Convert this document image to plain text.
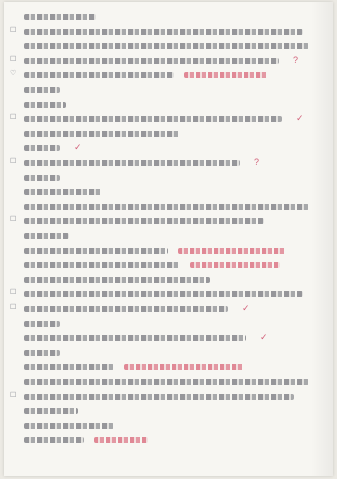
☐
☐	?
♡
☐	✓
✓
☐	?
☐
☐
☐	✓
✓
☐
